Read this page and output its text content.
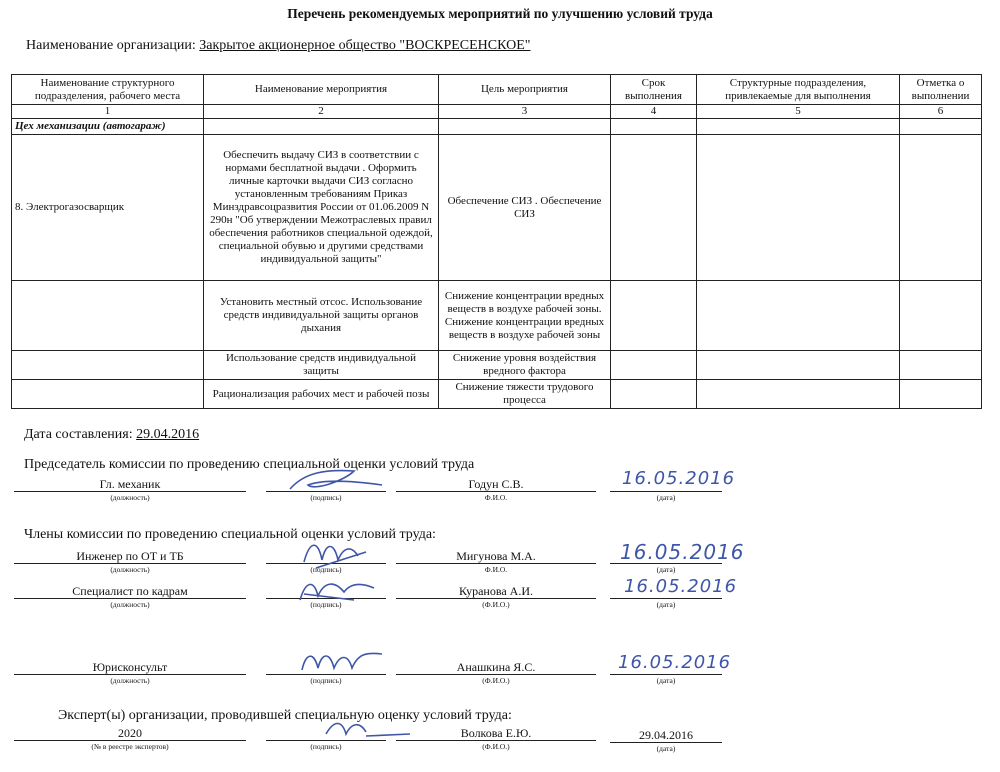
Перечень рекомендуемых мероприятий по улучшению условий труда
Наименование организации: Закрытое акционерное общество "ВОСКРЕСЕНСКОЕ"
Наименование структурного подразделения, рабочего места	Наименование мероприятия	Цель мероприятия	Срок выполнения	Структурные подразделения, привлекаемые для выполнения	Отметка о выполнении
1	2	3	4	5	6
Цех механизации (автогараж)					
8. Электрогазосварщик	Обеспечить выдачу СИЗ в соответствии с нормами бесплатной выдачи . Оформить личные карточки выдачи СИЗ согласно установленным требованиям Приказ Минздравсоцразвития России от 01.06.2009 N 290н "Об утверждении Межотраслевых правил обеспечения работников специальной одеждой, специальной обувью и другими средствами индивидуальной защиты"	Обеспечение СИЗ . Обеспечение СИЗ			
	Установить местный отсос. Использование средств индивидуальной защиты органов дыхания	Снижение концентрации вредных веществ в воздухе рабочей зоны. Снижение концентрации вредных веществ в воздухе рабочей зоны			
	Использование средств индивидуальной защиты	Снижение уровня воздействия вредного фактора			
	Рационализация рабочих мест и рабочей позы	Снижение тяжести трудового процесса			
Дата составления: 29.04.2016
Председатель комиссии по проведению специальной оценки условий труда
Гл. механик
(должность)	(подпись)
Годун С.В.
Ф.И.О.
16.05.2016
(дата)
Члены комиссии по проведению специальной оценки условий труда:
Инженер по ОТ и ТБ
(должность)	(подпись)
Мигунова М.А.
Ф.И.О.
16.05.2016
(дата)
Специалист по кадрам
(должность)	(подпись)
Куранова А.И.
(Ф.И.О.)
16.05.2016
(дата)
Юрисконсульт
(должность)	(подпись)
Анашкина Я.С.
(Ф.И.О.)
16.05.2016
(дата)
Эксперт(ы) организации, проводившей специальную оценку условий труда:
2020
(№ в реестре экспертов)	(подпись)
Волкова Е.Ю.
(Ф.И.О.)
29.04.2016
(дата)
